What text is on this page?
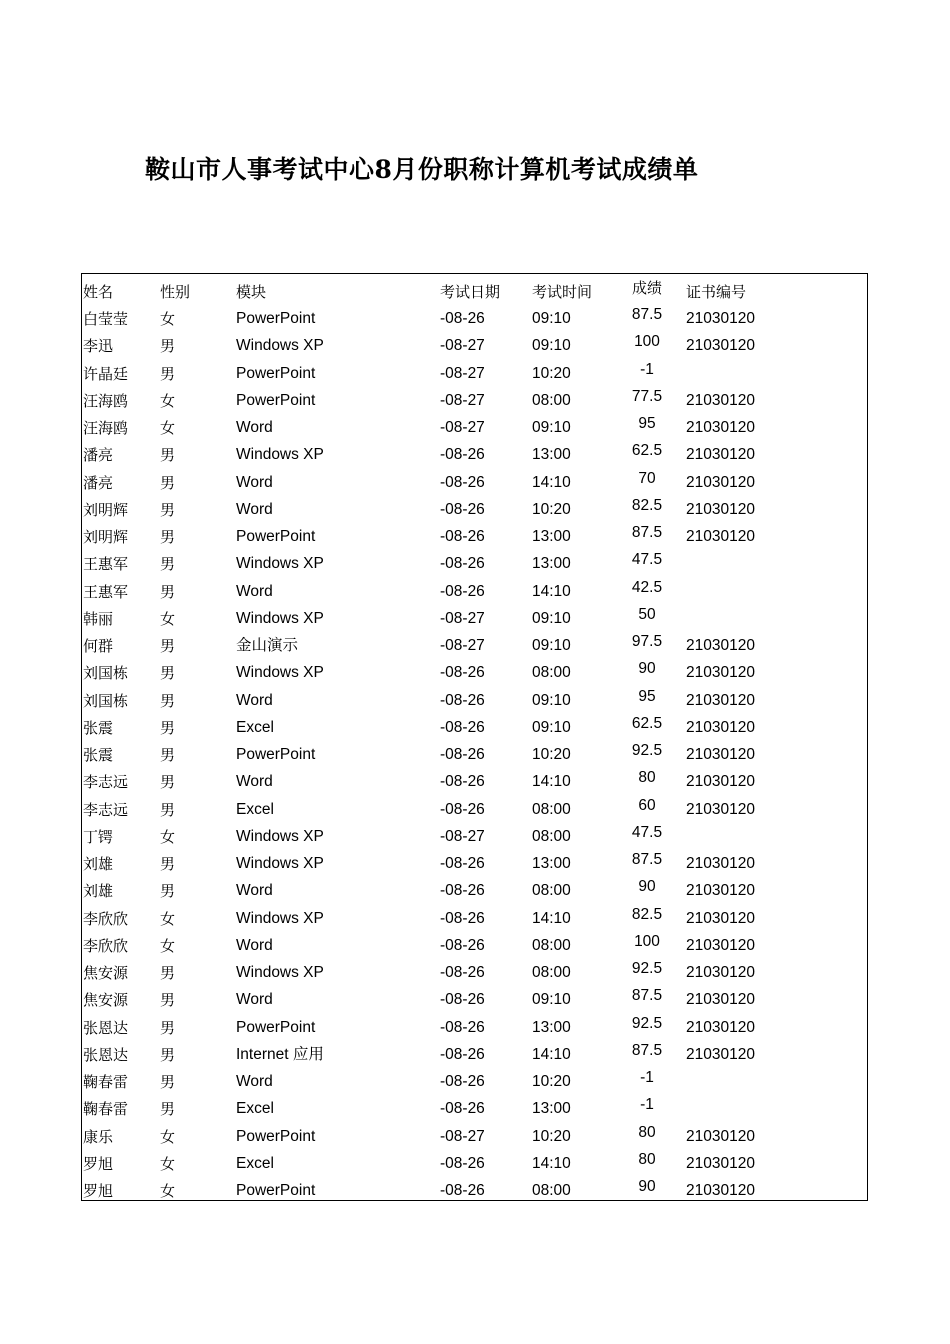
鞍山市人事考试中心8月份职称计算机考试成绩单
姓名	性别	模块	考试日期 考试时间	成绩	证书编号
白莹莹 女	PowerPoint	-08-26	09:10	87.5	21030120
李迅	男	Windows XP	-08-27	09:10	100	21030120
许晶廷 男	PowerPoint	-08-27	10:20	-1
汪海鸥 女	PowerPoint	-08-27	08:00	77.5	21030120
汪海鸥 女	Word	-08-27	09:10	95	21030120
潘亮	男	Windows XP	-08-26	13:00	62.5	21030120
潘亮	男	Word	-08-26	14:10	70	21030120
刘明辉 男	Word	-08-26	10:20	82.5	21030120
刘明辉 男	PowerPoint	-08-26	13:00	87.5	21030120
王惠军 男	Windows XP	-08-26	13:00	47.5
王惠军 男	Word	-08-26	14:10	42.5
韩丽	女	Windows XP	-08-27	09:10	50
何群	男	金山演示	-08-27	09:10	97.5	21030120
刘国栋 男	Windows XP	-08-26	08:00	90	21030120
刘国栋 男	Word	-08-26	09:10	95	21030120
张震	男	Excel	-08-26	09:10	62.5	21030120
张震	男	PowerPoint	-08-26	10:20	92.5	21030120
李志远 男	Word	-08-26	14:10	80	21030120
李志远 男	Excel	-08-26	08:00	60	21030120
丁锷	女	Windows XP	-08-27	08:00	47.5
刘雄	男	Windows XP	-08-26	13:00	87.5	21030120
刘雄	男	Word	-08-26	08:00	90	21030120
李欣欣 女	Windows XP	-08-26	14:10	82.5	21030120
李欣欣 女	Word	-08-26	08:00	100	21030120
焦安源 男	Windows XP	-08-26	08:00	92.5	21030120
焦安源 男	Word	-08-26	09:10	87.5	21030120
张恩达 男	PowerPoint	-08-26	13:00	92.5	21030120
张恩达 男	Internet 应用	-08-26	14:10	87.5	21030120
鞠春雷 男	Word	-08-26	10:20	-1
鞠春雷 男	Excel	-08-26	13:00	-1
康乐	女	PowerPoint	-08-27	10:20	80	21030120
罗旭	女	Excel	-08-26	14:10	80	21030120
罗旭	女	PowerPoint	-08-26	08:00	90	21030120
